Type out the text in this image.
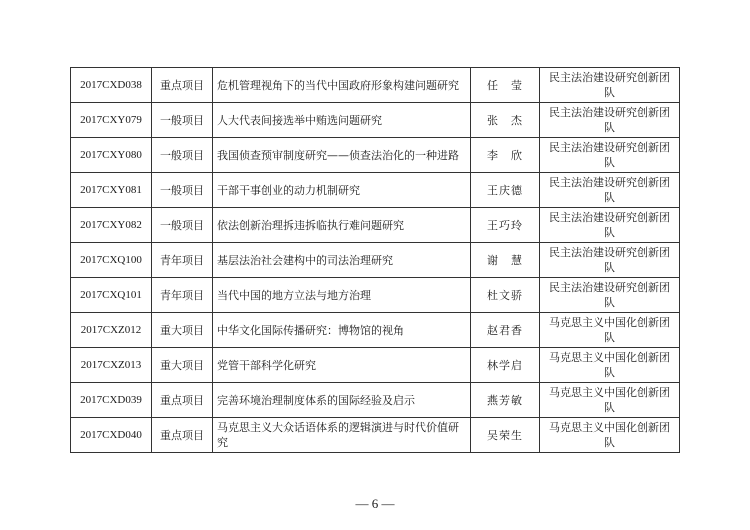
2017CXD038	重点项目	危机管理视角下的当代中国政府形象构建问题研究	任　莹	民主法治建设研究创新团队
2017CXY079	一般项目	人大代表间接选举中贿选问题研究	张　杰	民主法治建设研究创新团队
2017CXY080	一般项目	我国侦查预审制度研究——侦查法治化的一种进路	李　欣	民主法治建设研究创新团队
2017CXY081	一般项目	干部干事创业的动力机制研究	王庆德	民主法治建设研究创新团队
2017CXY082	一般项目	依法创新治理拆违拆临执行难问题研究	王巧玲	民主法治建设研究创新团队
2017CXQ100	青年项目	基层法治社会建构中的司法治理研究	谢　慧	民主法治建设研究创新团队
2017CXQ101	青年项目	当代中国的地方立法与地方治理	杜文骄	民主法治建设研究创新团队
2017CXZ012	重大项目	中华文化国际传播研究：博物馆的视角	赵君香	马克思主义中国化创新团队
2017CXZ013	重大项目	党管干部科学化研究	林学启	马克思主义中国化创新团队
2017CXD039	重点项目	完善环境治理制度体系的国际经验及启示	燕芳敏	马克思主义中国化创新团队
2017CXD040	重点项目	马克思主义大众话语体系的逻辑演进与时代价值研究	吴荣生	马克思主义中国化创新团队
— 6 —
